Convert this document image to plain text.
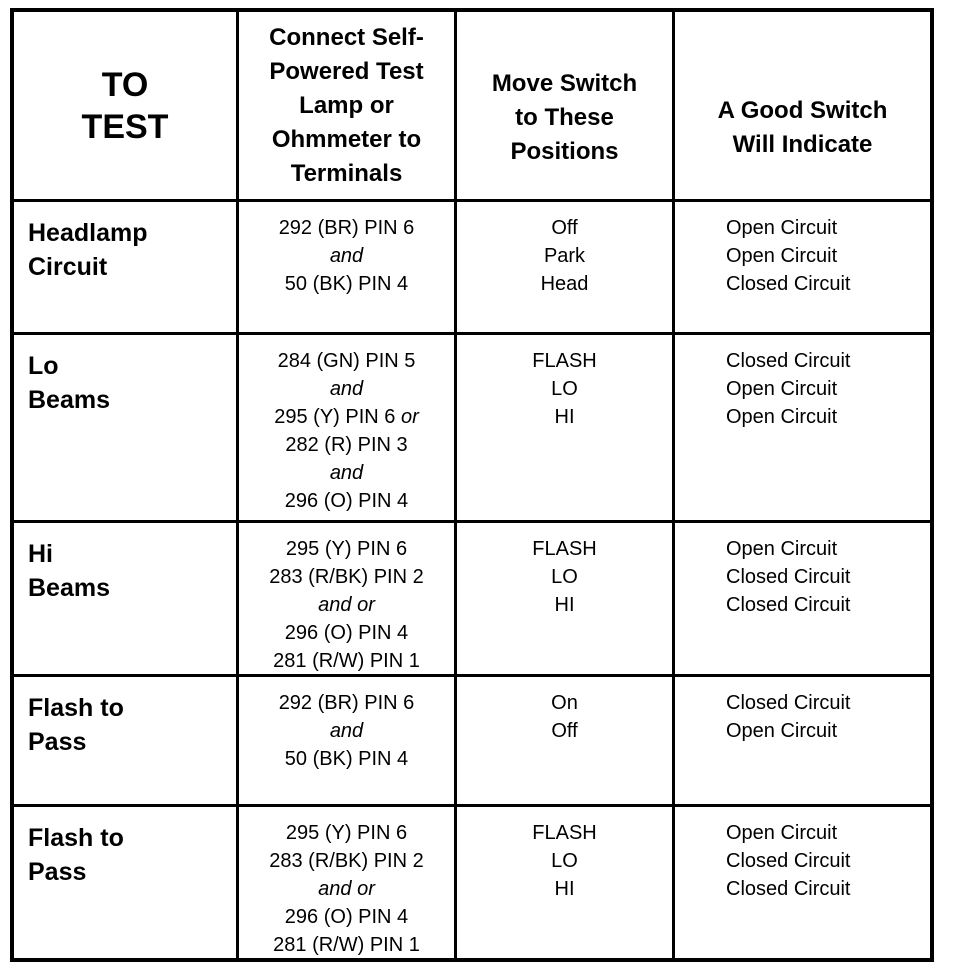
TO
TEST
Connect Self-
Powered Test
Lamp or
Ohmmeter to
Terminals
Move Switch
to These
Positions
A Good Switch
Will Indicate
Headlamp
Circuit
292 (BR) PIN 6
and
50 (BK) PIN 4
Off
Park
Head
Open Circuit
Open Circuit
Closed Circuit
Lo
Beams
284 (GN) PIN 5
and
295 (Y) PIN 6 or
282 (R) PIN 3
and
296 (O) PIN 4
FLASH
LO
HI
Closed Circuit
Open Circuit
Open Circuit
Hi
Beams
295 (Y) PIN 6
283 (R/BK) PIN 2
and or
296 (O) PIN 4
281 (R/W) PIN 1
FLASH
LO
HI
Open Circuit
Closed Circuit
Closed Circuit
Flash to
Pass
292 (BR) PIN 6
and
50 (BK) PIN 4
On
Off
Closed Circuit
Open Circuit
Flash to
Pass
295 (Y) PIN 6
283 (R/BK) PIN 2
and or
296 (O) PIN 4
281 (R/W) PIN 1
FLASH
LO
HI
Open Circuit
Closed Circuit
Closed Circuit
